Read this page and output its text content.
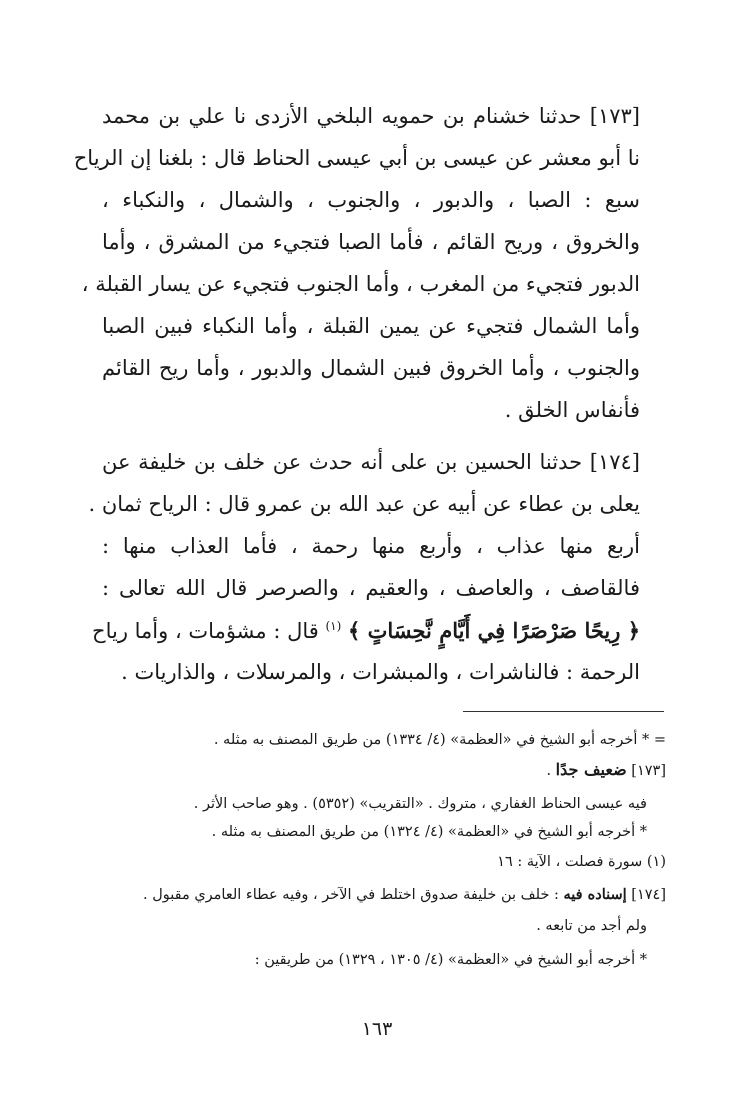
[١٧٣] حدثنا خشنام بن حمويه البلخي الأزدى نا علي بن محمد
نا أبو معشر عن عيسى بن أبي عيسى الحناط قال : بلغنا إن الرياح
سبع : الصبا ، والدبور ، والجنوب ، والشمال ، والنكباء ،
والخروق ، وريح القائم ، فأما الصبا فتجيء من المشرق ، وأما
الدبور فتجيء من المغرب ، وأما الجنوب فتجيء عن يسار القبلة ،
وأما الشمال فتجيء عن يمين القبلة ، وأما النكباء فبين الصبا
والجنوب ، وأما الخروق فبين الشمال والدبور ، وأما ريح القائم
فأنفاس الخلق .
[١٧٤] حدثنا الحسين بن على أنه حدث عن خلف بن خليفة عن
يعلى بن عطاء عن أبيه عن عبد الله بن عمرو قال : الرياح ثمان .
أربع منها عذاب ، وأربع منها رحمة ، فأما العذاب منها :
فالقاصف ، والعاصف ، والعقيم ، والصرصر قال الله تعالى :
﴿ رِيحًا صَرْصَرًا فِي أَيَّامٍ نَّحِسَاتٍ ﴾ $^{(١)}$ قال : مشؤمات ، وأما رياح
الرحمة : فالناشرات ، والمبشرات ، والمرسلات ، والذاريات .
= * أخرجه أبو الشيخ في «العظمة» (٤/ ١٣٣٤) من طريق المصنف به مثله .
[١٧٣] ضعيف جدًا .
فيه عيسى الحناط الغفاري ، متروك . «التقريب» (٥٣٥٢) . وهو صاحب الأثر .
* أخرجه أبو الشيخ في «العظمة» (٤/ ١٣٢٤) من طريق المصنف به مثله .
(١) سورة فصلت ، الآية : ١٦
[١٧٤] إسناده فيه : خلف بن خليفة صدوق اختلط في الآخر ، وفيه عطاء العامري مقبول .
ولم أجد من تابعه .
* أخرجه أبو الشيخ في «العظمة» (٤/ ١٣٠٥ ، ١٣٢٩) من طريقين :
١٦٣
